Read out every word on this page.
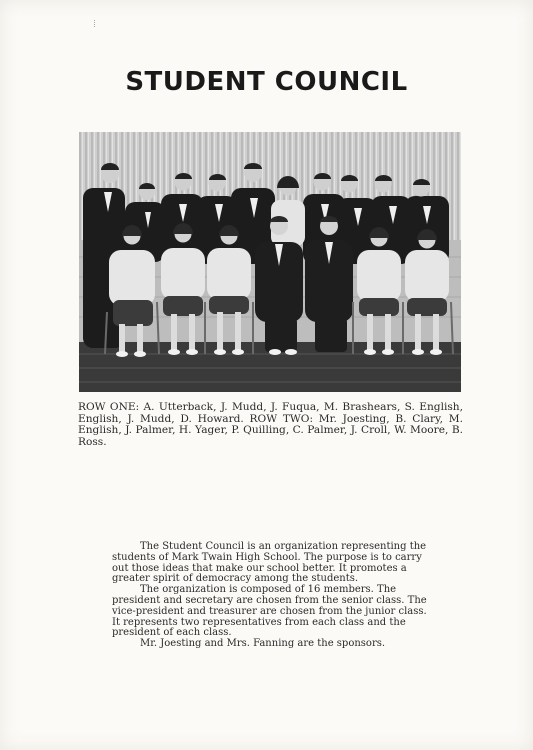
STUDENT COUNCIL
ROW ONE: A. Utterback, J. Mudd, J. Fuqua, M. Brashears, S. English, English, J. Mudd, D. Howard. ROW TWO: Mr. Joesting, B. Clary, M. English, J. Palmer, H. Yager, P. Quilling, C. Palmer, J. Croll, W. Moore, B. Ross.

The Student Council is an organization representing the students of Mark Twain High School. The purpose is to carry out those ideas that make our school better. It promotes a greater spirit of democracy among the students.

The organization is composed of 16 members. The president and secretary are chosen from the senior class. The vice-president and treasurer are chosen from the junior class. It represents two representatives from each class and the president of each class.

Mr. Joesting and Mrs. Fanning are the sponsors.
